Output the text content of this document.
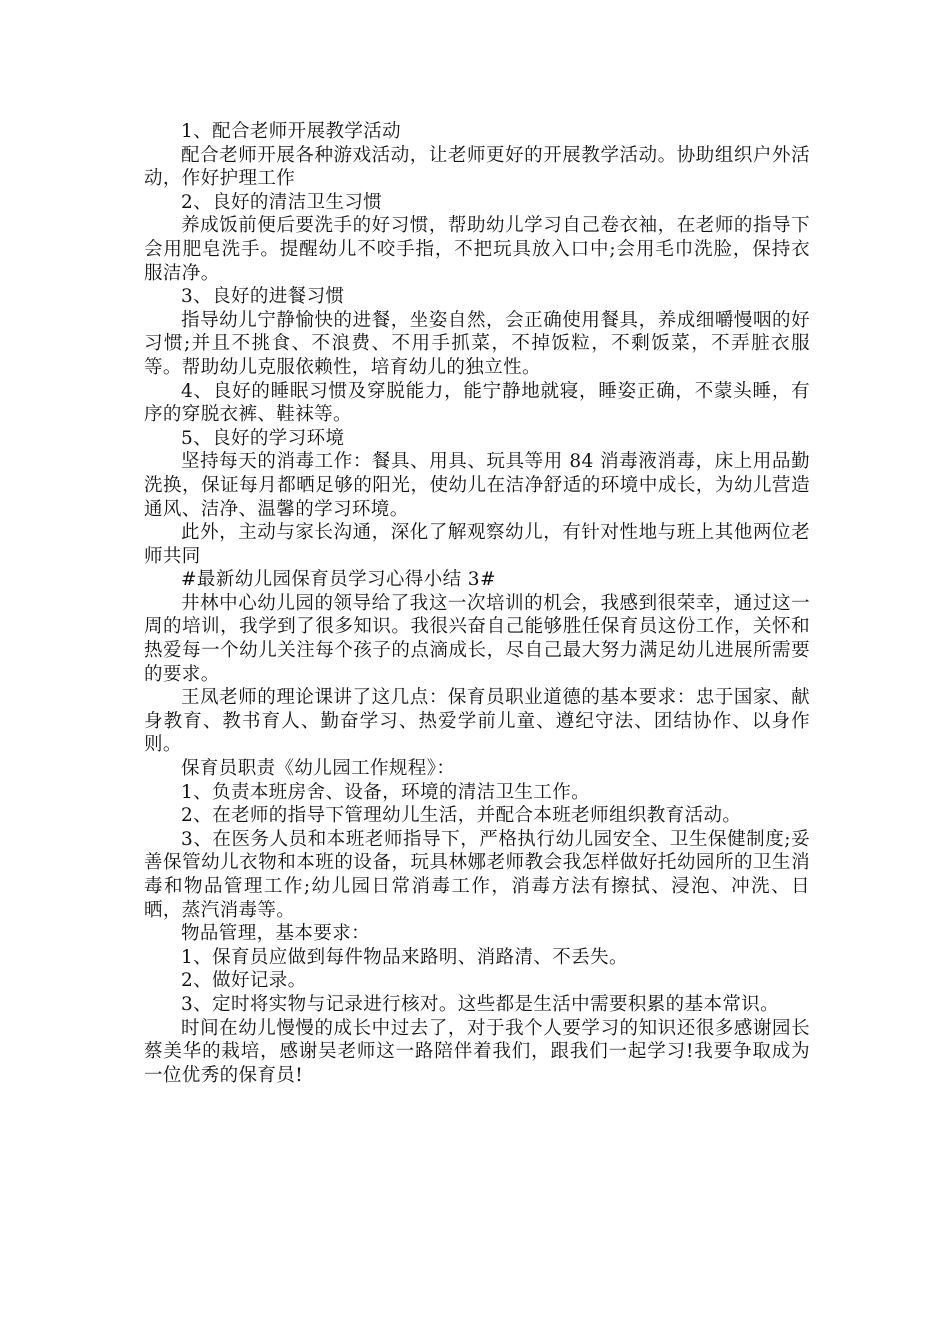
1、配合老师开展教学活动

配合老师开展各种游戏活动，让老师更好的开展教学活动。协助组织户外活动，作好护理工作

2、良好的清洁卫生习惯

养成饭前便后要洗手的好习惯，帮助幼儿学习自己卷衣袖，在老师的指导下会用肥皂洗手。提醒幼儿不咬手指，不把玩具放入口中;会用毛巾洗脸，保持衣服洁净。

3、良好的进餐习惯

指导幼儿宁静愉快的进餐，坐姿自然，会正确使用餐具，养成细嚼慢咽的好习惯;并且不挑食、不浪费、不用手抓菜，不掉饭粒，不剩饭菜，不弄脏衣服等。帮助幼儿克服依赖性，培育幼儿的独立性。

4、良好的睡眠习惯及穿脱能力，能宁静地就寝，睡姿正确，不蒙头睡，有序的穿脱衣裤、鞋袜等。

5、良好的学习环境

坚持每天的消毒工作：餐具、用具、玩具等用 84 消毒液消毒，床上用品勤洗换，保证每月都晒足够的阳光，使幼儿在洁净舒适的环境中成长，为幼儿营造通风、洁净、温馨的学习环境。

此外，主动与家长沟通，深化了解观察幼儿，有针对性地与班上其他两位老师共同

#最新幼儿园保育员学习心得小结 3#

井林中心幼儿园的领导给了我这一次培训的机会，我感到很荣幸，通过这一周的培训，我学到了很多知识。我很兴奋自己能够胜任保育员这份工作，关怀和热爱每一个幼儿关注每个孩子的点滴成长，尽自己最大努力满足幼儿进展所需要的要求。

王凤老师的理论课讲了这几点：保育员职业道德的基本要求：忠于国家、献身教育、教书育人、勤奋学习、热爱学前儿童、遵纪守法、团结协作、以身作则。

保育员职责《幼儿园工作规程》：

1、负责本班房舍、设备，环境的清洁卫生工作。

2、在老师的指导下管理幼儿生活，并配合本班老师组织教育活动。

3、在医务人员和本班老师指导下，严格执行幼儿园安全、卫生保健制度;妥善保管幼儿衣物和本班的设备，玩具林娜老师教会我怎样做好托幼园所的卫生消毒和物品管理工作;幼儿园日常消毒工作，消毒方法有擦拭、浸泡、冲洗、日晒，蒸汽消毒等。

物品管理，基本要求：

1、保育员应做到每件物品来路明、消路清、不丢失。

2、做好记录。

3、定时将实物与记录进行核对。这些都是生活中需要积累的基本常识。

时间在幼儿慢慢的成长中过去了，对于我个人要学习的知识还很多感谢园长蔡美华的栽培，感谢吴老师这一路陪伴着我们，跟我们一起学习!我要争取成为一位优秀的保育员!
